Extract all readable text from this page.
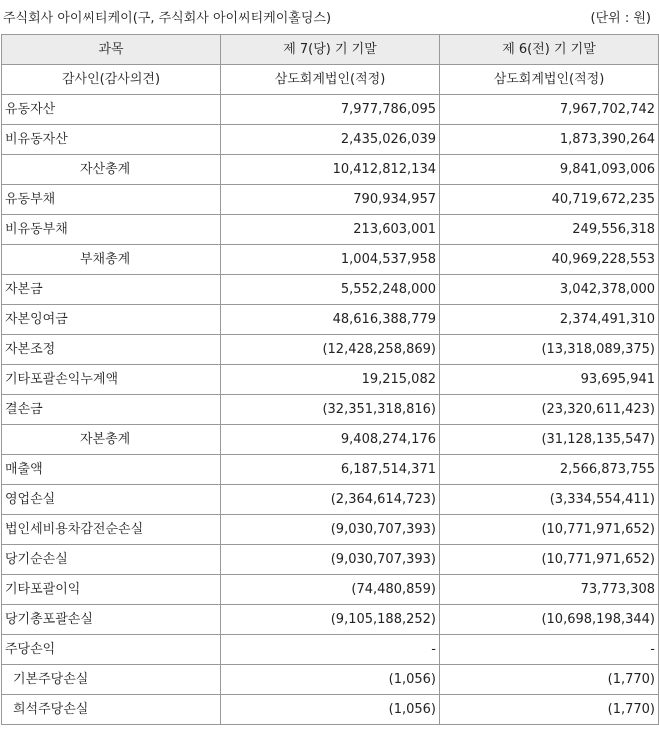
주식회사 아이씨티케이(구, 주식회사 아이씨티케이홀딩스)	(단위 : 원)
과목	제 7(당) 기 기말	제 6(전) 기 기말
감사인(감사의견)	삼도회계법인(적정)	삼도회계법인(적정)
유동자산	7,977,786,095	7,967,702,742
비유동자산	2,435,026,039	1,873,390,264
자산총계	10,412,812,134	9,841,093,006
유동부채	790,934,957	40,719,672,235
비유동부채	213,603,001	249,556,318
부채총계	1,004,537,958	40,969,228,553
자본금	5,552,248,000	3,042,378,000
자본잉여금	48,616,388,779	2,374,491,310
자본조정	(12,428,258,869)	(13,318,089,375)
기타포괄손익누계액	19,215,082	93,695,941
결손금	(32,351,318,816)	(23,320,611,423)
자본총계	9,408,274,176	(31,128,135,547)
매출액	6,187,514,371	2,566,873,755
영업손실	(2,364,614,723)	(3,334,554,411)
법인세비용차감전순손실	(9,030,707,393)	(10,771,971,652)
당기순손실	(9,030,707,393)	(10,771,971,652)
기타포괄이익	(74,480,859)	73,773,308
당기총포괄손실	(9,105,188,252)	(10,698,198,344)
주당손익	-	-
기본주당손실	(1,056)	(1,770)
희석주당손실	(1,056)	(1,770)
